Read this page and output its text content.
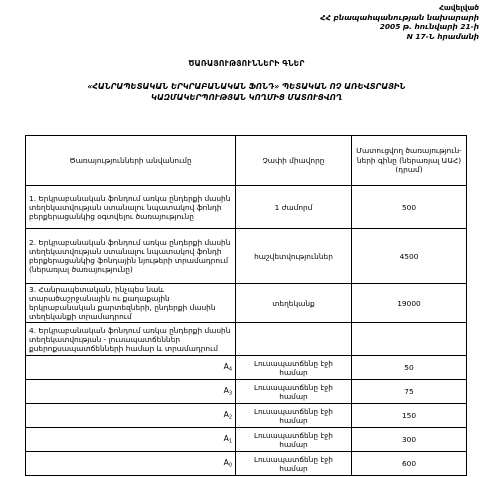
Հավելված
ՀՀ բնապահպանության նախարարի
2005 թ. հունվարի 21-ի
N 17-Ն հրամանի
ԾԱՌԱՅՈՒԹՅՈՒՆՆԵՐԻ ԳՆԵՐ
«ՀԱՆՐԱՊԵՏԱԿԱՆ ԵՐԿՐԱԲԱՆԱԿԱՆ ՖՈՆԴ» ՊԵՏԱԿԱՆ ՈՉ ԱՌԵՎՏՐԱՅԻՆ
ԿԱԶՄԱԿԵՐՊՈՒԹՅԱՆ ԿՈՂՄԻՑ ՄԱՏՈՒՑՎՈՂ
Ծառայությունների անվանումը	Չափի միավորը	Մատուցվող ծառայություն-ների գինը (ներառյալ ԱԱՀ) (դրամ)
1. Երկրաբանական ֆոնդում առկա ընդերքի մասին տեղեկատվության ստանալու նպատակով ֆոնդի բերքերացանկից օգտվելու ծառայությունը	1 ժամորմ	500
2. Երկրաբանական ֆոնդում առկա ընդերքի մասին տեղեկատվության ստանալու նպատակով ֆոնդի բերքերացանկից ֆոնդային նյութերի տրամադրում (ներառյալ ծառայությունը)	հաշվետվություններ	4500
3. Հանրապետական, ինչպես նաև տարածաշրջանային ու քաղաքային երկրաբանական քարտեզների, ընդերքի մասին տեղեկանքի տրամադրում	տեղեկանք	19000
4. Երկրաբանական ֆոնդում առկա ընդերքի մասին տեղեկատվության - լուսապատճեններ քսերոքսապատճենների համար և տրամադրում		
$A_4$	Լուսապատճենը էջի համար	50
$A_3$	Լուսապատճենը էջի համար	75
$A_2$	Լուսապատճենը էջի համար	150
$A_1$	Լուսապատճենը էջի համար	300
$A_0$	Լուսապատճենը էջի համար	600
